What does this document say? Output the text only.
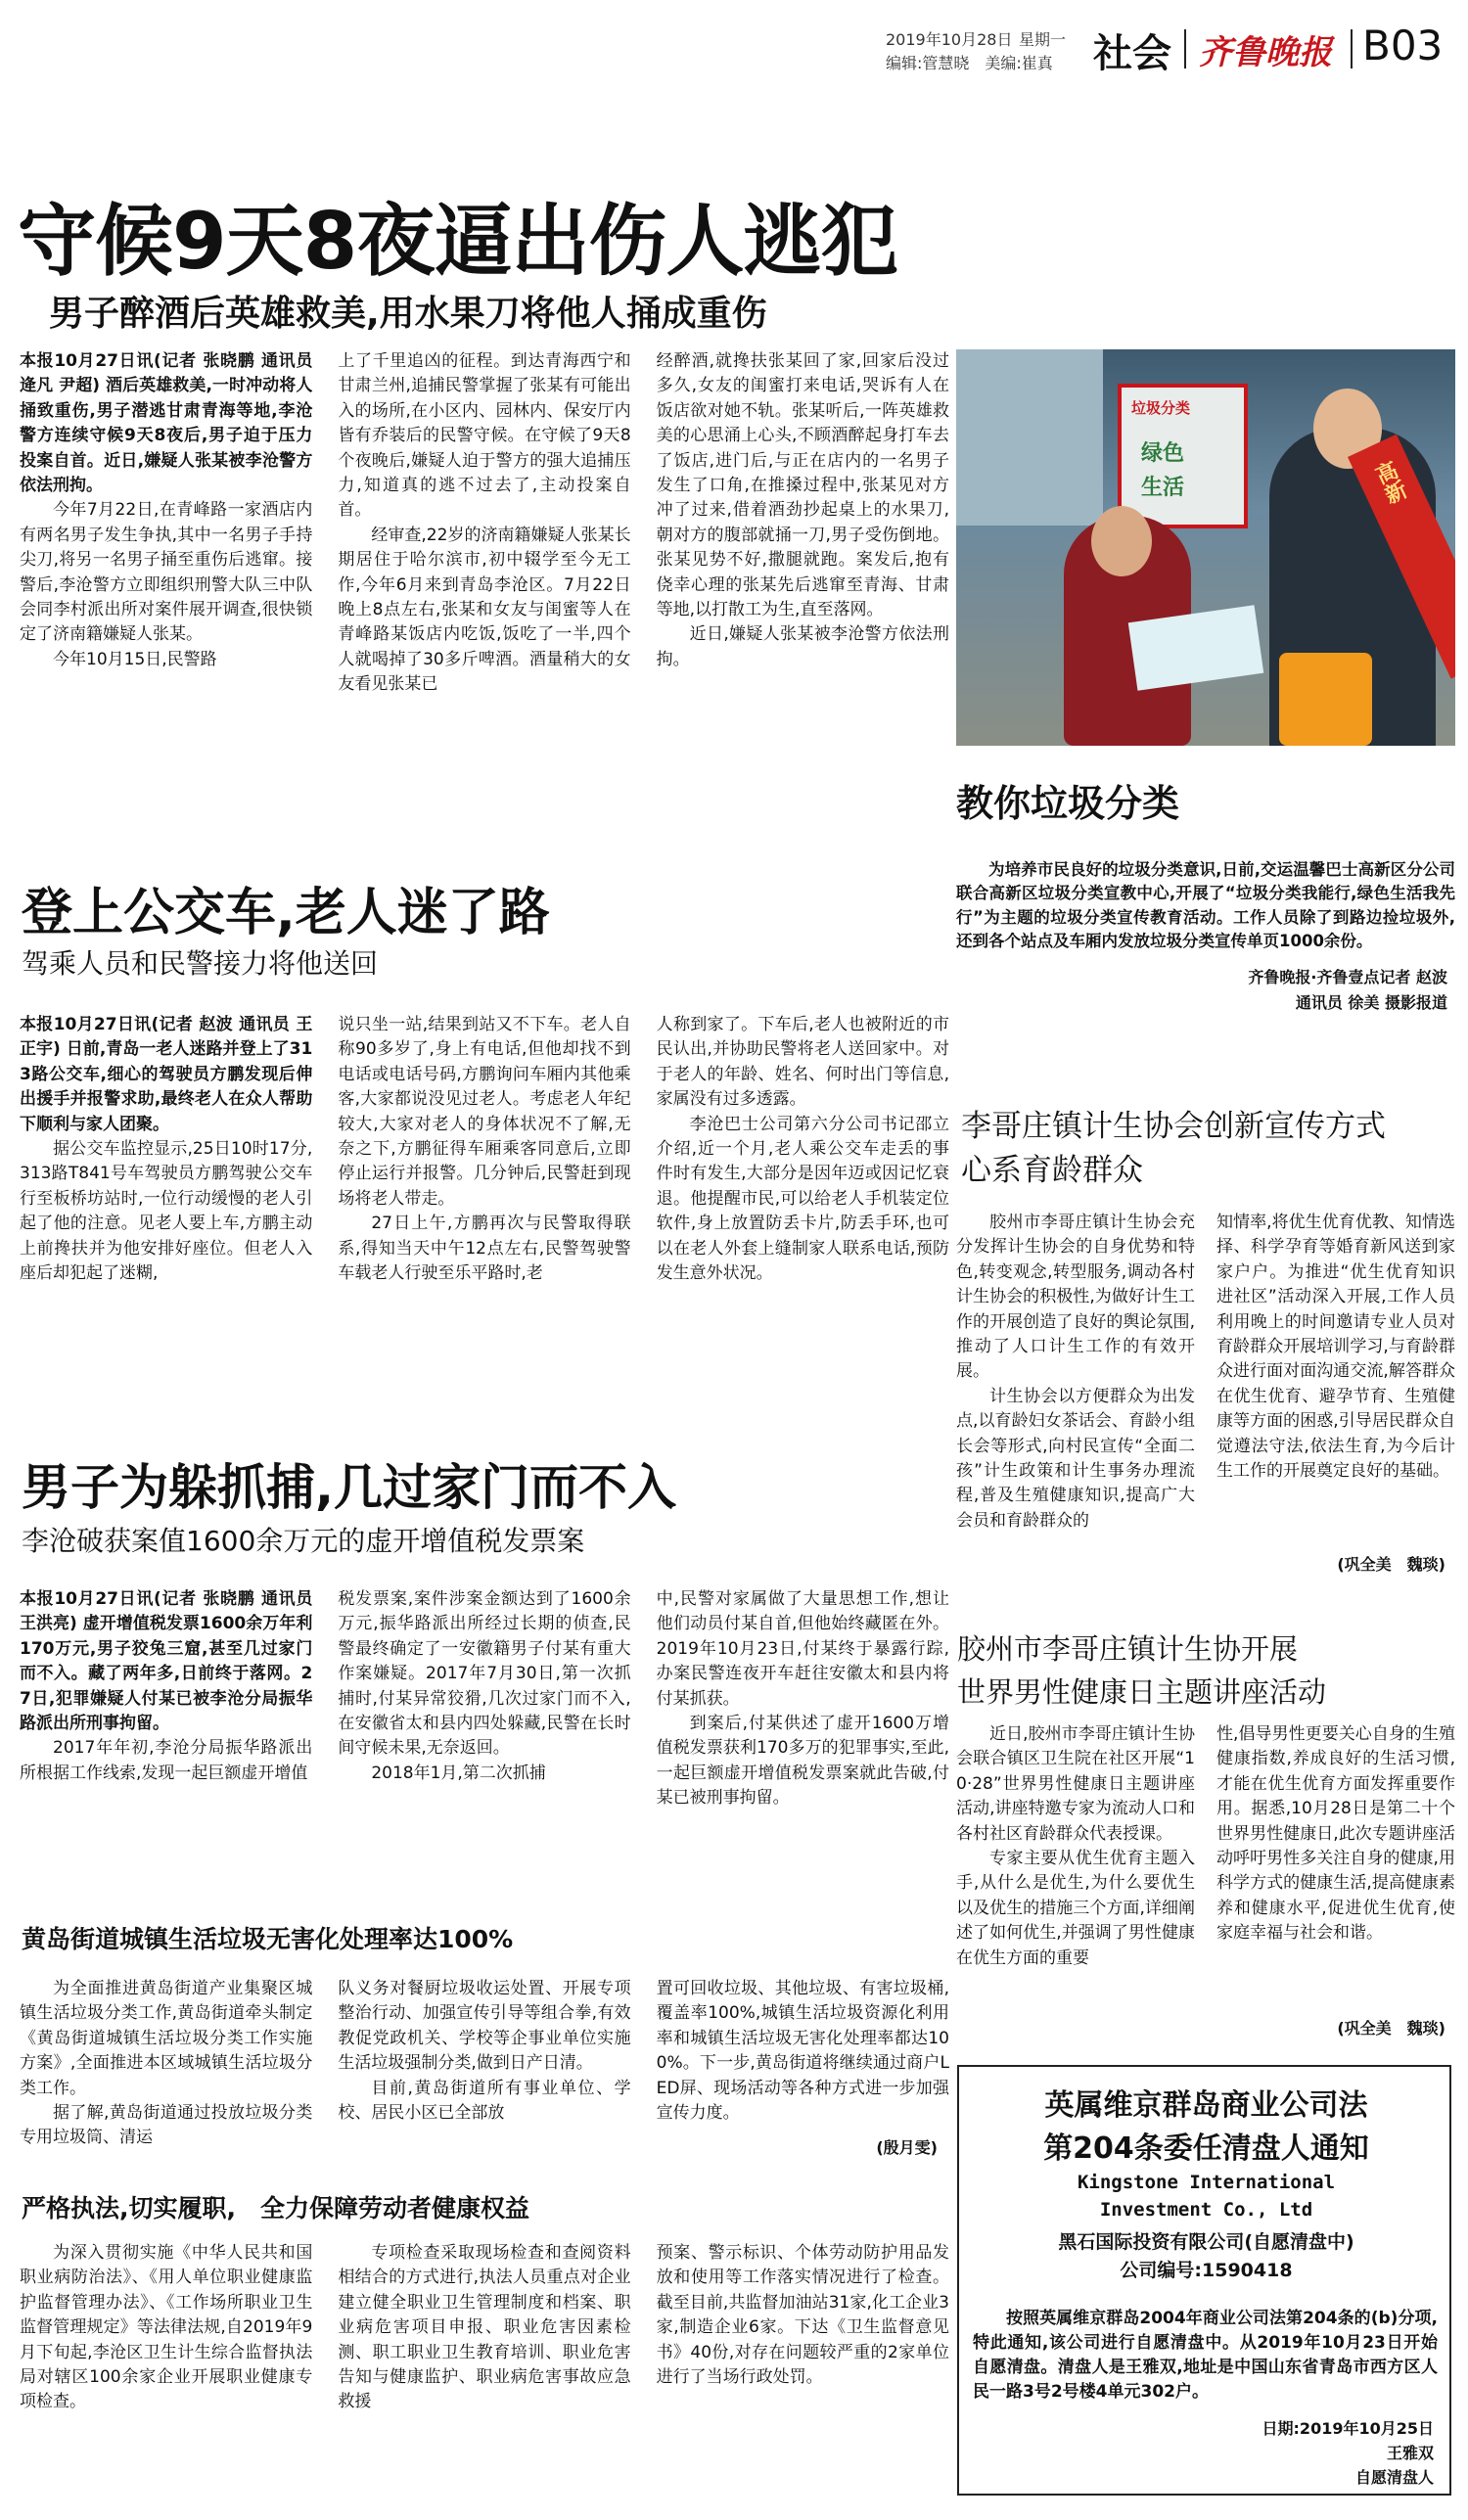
2019年10月28日 星期一
编辑:管慧晓　美编:崔真 社会 齐鲁晚报 B03
守候9天8夜逼出伤人逃犯
男子醉酒后英雄救美,用水果刀将他人捅成重伤

本报10月27日讯(记者 张晓鹏 通讯员 逄凡 尹超) 酒后英雄救美,一时冲动将人捅致重伤,男子潜逃甘肃青海等地,李沧警方连续守候9天8夜后,男子迫于压力投案自首。近日,嫌疑人张某被李沧警方依法刑拘。

今年7月22日,在青峰路一家酒店内有两名男子发生争执,其中一名男子手持尖刀,将另一名男子捅至重伤后逃窜。接警后,李沧警方立即组织刑警大队三中队会同李村派出所对案件展开调查,很快锁定了济南籍嫌疑人张某。

今年10月15日,民警路

上了千里追凶的征程。到达青海西宁和甘肃兰州,追捕民警掌握了张某有可能出入的场所,在小区内、园林内、保安厅内皆有乔装后的民警守候。在守候了9天8个夜晚后,嫌疑人迫于警方的强大追捕压力,知道真的逃不过去了,主动投案自首。

经审查,22岁的济南籍嫌疑人张某长期居住于哈尔滨市,初中辍学至今无工作,今年6月来到青岛李沧区。7月22日晚上8点左右,张某和女友与闺蜜等人在青峰路某饭店内吃饭,饭吃了一半,四个人就喝掉了30多斤啤酒。酒量稍大的女友看见张某已

经醉酒,就搀扶张某回了家,回家后没过多久,女友的闺蜜打来电话,哭诉有人在饭店欲对她不轨。张某听后,一阵英雄救美的心思涌上心头,不顾酒醉起身打车去了饭店,进门后,与正在店内的一名男子发生了口角,在推搡过程中,张某见对方冲了过来,借着酒劲抄起桌上的水果刀,朝对方的腹部就捅一刀,男子受伤倒地。张某见势不好,撒腿就跑。案发后,抱有侥幸心理的张某先后逃窜至青海、甘肃等地,以打散工为生,直至落网。

近日,嫌疑人张某被李沧警方依法刑拘。

垃圾分类
绿色
生活	高新
教你垃圾分类

为培养市民良好的垃圾分类意识,日前,交运温馨巴士高新区分公司联合高新区垃圾分类宣教中心,开展了“垃圾分类我能行,绿色生活我先行”为主题的垃圾分类宣传教育活动。工作人员除了到路边捡垃圾外,还到各个站点及车厢内发放垃圾分类宣传单页1000余份。

齐鲁晚报·齐鲁壹点记者 赵波
通讯员 徐美 摄影报道
登上公交车,老人迷了路
驾乘人员和民警接力将他送回

本报10月27日讯(记者 赵波 通讯员 王正宇) 日前,青岛一老人迷路并登上了313路公交车,细心的驾驶员方鹏发现后伸出援手并报警求助,最终老人在众人帮助下顺利与家人团聚。

据公交车监控显示,25日10时17分,313路T841号车驾驶员方鹏驾驶公交车行至板桥坊站时,一位行动缓慢的老人引起了他的注意。见老人要上车,方鹏主动上前搀扶并为他安排好座位。但老人入座后却犯起了迷糊,

说只坐一站,结果到站又不下车。老人自称90多岁了,身上有电话,但他却找不到电话或电话号码,方鹏询问车厢内其他乘客,大家都说没见过老人。考虑老人年纪较大,大家对老人的身体状况不了解,无奈之下,方鹏征得车厢乘客同意后,立即停止运行并报警。几分钟后,民警赶到现场将老人带走。

27日上午,方鹏再次与民警取得联系,得知当天中午12点左右,民警驾驶警车载老人行驶至乐平路时,老

人称到家了。下车后,老人也被附近的市民认出,并协助民警将老人送回家中。对于老人的年龄、姓名、何时出门等信息,家属没有过多透露。

李沧巴士公司第六分公司书记邵立介绍,近一个月,老人乘公交车走丢的事件时有发生,大部分是因年迈或因记忆衰退。他提醒市民,可以给老人手机装定位软件,身上放置防丢卡片,防丢手环,也可以在老人外套上缝制家人联系电话,预防发生意外状况。

李哥庄镇计生协会创新宣传方式
心系育龄群众

胶州市李哥庄镇计生协会充分发挥计生协会的自身优势和特色,转变观念,转型服务,调动各村计生协会的积极性,为做好计生工作的开展创造了良好的舆论氛围,推动了人口计生工作的有效开展。

计生协会以方便群众为出发点,以育龄妇女茶话会、育龄小组长会等形式,向村民宣传“全面二孩”计生政策和计生事务办理流程,普及生殖健康知识,提高广大会员和育龄群众的

知情率,将优生优育优教、知情选择、科学孕育等婚育新风送到家家户户。为推进“优生优育知识进社区”活动深入开展,工作人员利用晚上的时间邀请专业人员对育龄群众开展培训学习,与育龄群众进行面对面沟通交流,解答群众在优生优育、避孕节育、生殖健康等方面的困惑,引导居民群众自觉遵法守法,依法生育,为今后计生工作的开展奠定良好的基础。

(巩全美　魏琰)
男子为躲抓捕,几过家门而不入
李沧破获案值1600余万元的虚开增值税发票案

本报10月27日讯(记者 张晓鹏 通讯员 王洪亮) 虚开增值税发票1600余万年利170万元,男子狡兔三窟,甚至几过家门而不入。藏了两年多,日前终于落网。27日,犯罪嫌疑人付某已被李沧分局振华路派出所刑事拘留。

2017年年初,李沧分局振华路派出所根据工作线索,发现一起巨额虚开增值

税发票案,案件涉案金额达到了1600余万元,振华路派出所经过长期的侦查,民警最终确定了一安徽籍男子付某有重大作案嫌疑。2017年7月30日,第一次抓捕时,付某异常狡猾,几次过家门而不入,在安徽省太和县内四处躲藏,民警在长时间守候未果,无奈返回。

2018年1月,第二次抓捕

中,民警对家属做了大量思想工作,想让他们动员付某自首,但他始终藏匿在外。2019年10月23日,付某终于暴露行踪,办案民警连夜开车赶往安徽太和县内将付某抓获。

到案后,付某供述了虚开1600万增值税发票获利170多万的犯罪事实,至此,一起巨额虚开增值税发票案就此告破,付某已被刑事拘留。

胶州市李哥庄镇计生协开展
世界男性健康日主题讲座活动

近日,胶州市李哥庄镇计生协会联合镇区卫生院在社区开展“10·28”世界男性健康日主题讲座活动,讲座特邀专家为流动人口和各村社区育龄群众代表授课。

专家主要从优生优育主题入手,从什么是优生,为什么要优生以及优生的措施三个方面,详细阐述了如何优生,并强调了男性健康在优生方面的重要

性,倡导男性更要关心自身的生殖健康指数,养成良好的生活习惯,才能在优生优育方面发挥重要作用。据悉,10月28日是第二十个世界男性健康日,此次专题讲座活动呼吁男性多关注自身的健康,用科学方式的健康生活,提高健康素养和健康水平,促进优生优育,使家庭幸福与社会和谐。

(巩全美　魏琰)
黄岛街道城镇生活垃圾无害化处理率达100%

为全面推进黄岛街道产业集聚区城镇生活垃圾分类工作,黄岛街道牵头制定《黄岛街道城镇生活垃圾分类工作实施方案》,全面推进本区域城镇生活垃圾分类工作。

据了解,黄岛街道通过投放垃圾分类专用垃圾筒、清运

队义务对餐厨垃圾收运处置、开展专项整治行动、加强宣传引导等组合拳,有效教促党政机关、学校等企事业单位实施生活垃圾强制分类,做到日产日清。

目前,黄岛街道所有事业单位、学校、居民小区已全部放

置可回收垃圾、其他垃圾、有害垃圾桶,覆盖率100%,城镇生活垃圾资源化利用率和城镇生活垃圾无害化处理率都达100%。下一步,黄岛街道将继续通过商户LED屏、现场活动等各种方式进一步加强宣传力度。

(殷月雯)
严格执法,切实履职,　全力保障劳动者健康权益

为深入贯彻实施《中华人民共和国职业病防治法》、《用人单位职业健康监护监督管理办法》、《工作场所职业卫生监督管理规定》等法律法规,自2019年9月下旬起,李沧区卫生计生综合监督执法局对辖区100余家企业开展职业健康专项检查。

专项检查采取现场检查和查阅资料相结合的方式进行,执法人员重点对企业建立健全职业卫生管理制度和档案、职业病危害项目申报、职业危害因素检测、职工职业卫生教育培训、职业危害告知与健康监护、职业病危害事故应急救援

预案、警示标识、个体劳动防护用品发放和使用等工作落实情况进行了检查。截至目前,共监督加油站31家,化工企业3家,制造企业6家。下达《卫生监督意见书》40份,对存在问题较严重的2家单位进行了当场行政处罚。

英属维京群岛商业公司法
第204条委任清盘人通知
Kingstone International
Investment Co., Ltd
黑石国际投资有限公司(自愿清盘中)
公司编号:1590418

按照英属维京群岛2004年商业公司法第204条的(b)分项,特此通知,该公司进行自愿清盘中。从2019年10月23日开始自愿清盘。清盘人是王雅双,地址是中国山东省青岛市西方区人民一路3号2号楼4单元302户。

日期:2019年10月25日
王雅双
自愿清盘人
